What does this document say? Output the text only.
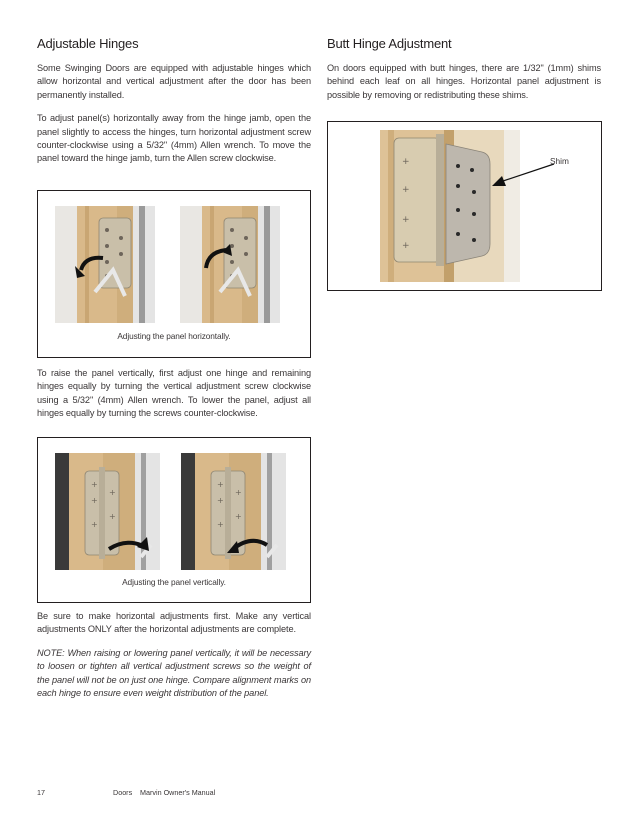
Adjustable Hinges

Some Swinging Doors are equipped with adjustable hinges which allow horizontal and vertical adjustment after the door has been permanently installed.

To adjust panel(s) horizontally away from the hinge jamb, open the panel slightly to access the hinges, turn horizontal adjustment screw counter-clockwise using a 5/32" (4mm) Allen wrench. To move the panel toward the hinge jamb, turn the Allen screw clockwise.

Adjusting the panel horizontally.

To raise the panel vertically, first adjust one hinge and remaining hinges equally by turning the vertical adjustment screw clockwise using a 5/32" (4mm) Allen wrench. To lower the panel, adjust all hinges equally by turning the screws counter-clockwise.

+
+
+
+
+
+
+
+
+
+
Adjusting the panel vertically.

Be sure to make horizontal adjustments first. Make any vertical adjustments ONLY after the horizontal adjustments are complete.

NOTE: When raising or lowering panel vertically, it will be necessary to loosen or tighten all vertical adjustment screws so the weight of the panel will not be on just one hinge. Compare alignment marks on each hinge to ensure even weight distribution of the panel.

Butt Hinge Adjustment

On doors equipped with butt hinges, there are 1/32" (1mm) shims behind each leaf on all hinges. Horizontal panel adjustment is possible by removing or redistributing these shims.

+
+
+
+
Shim
17	Doors Marvin Owner's Manual
